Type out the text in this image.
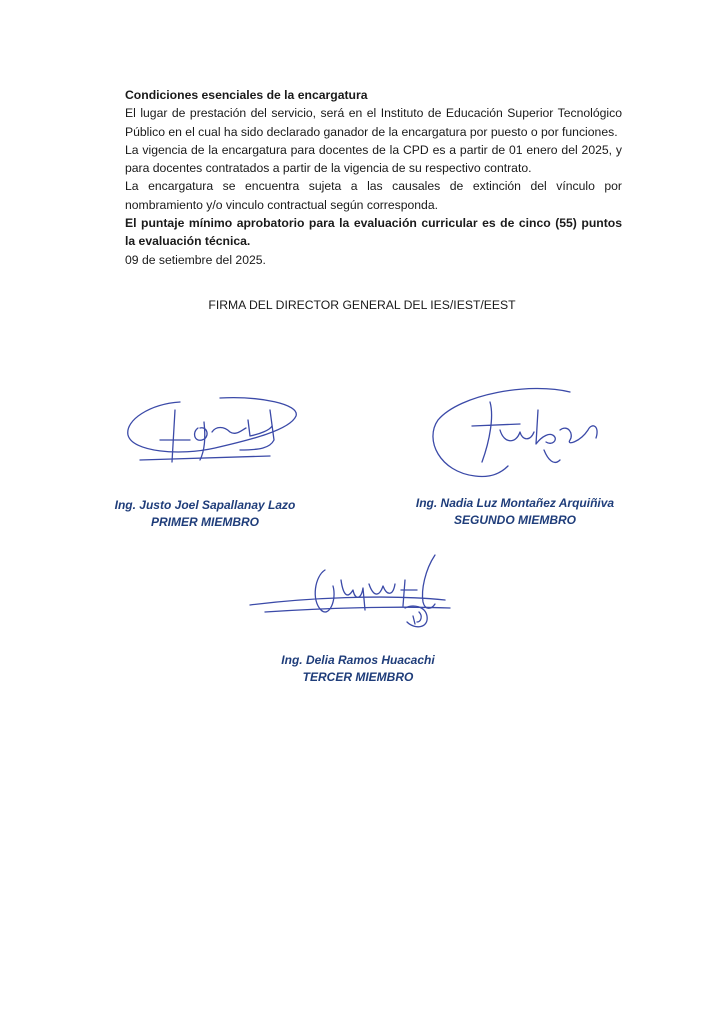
Condiciones esenciales de la encargatura

El lugar de prestación del servicio, será en el Instituto de Educación Superior Tecnológico Público en el cual ha sido declarado ganador de la encargatura por puesto o por funciones.

La vigencia de la encargatura para docentes de la CPD es a partir de 01 enero del 2025, y para docentes contratados a partir de la vigencia de su respectivo contrato.

La encargatura se encuentra sujeta a las causales de extinción del vínculo por nombramiento y/o vinculo contractual según corresponda.

El puntaje mínimo aprobatorio para la evaluación curricular es de cinco (55) puntos la evaluación técnica.

09 de setiembre del 2025.

FIRMA DEL DIRECTOR GENERAL DEL IES/IEST/EEST

Ing. Justo Joel Sapallanay Lazo

PRIMER MIEMBRO

Ing. Nadia Luz Montañez Arquiñiva

SEGUNDO MIEMBRO

Ing. Delia Ramos Huacachi

TERCER MIEMBRO
